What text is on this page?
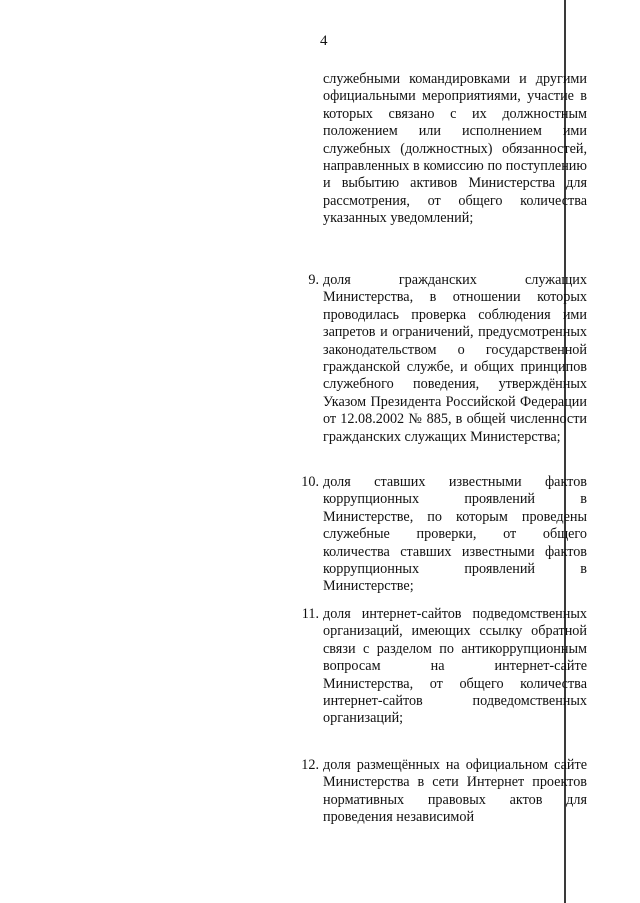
4
служебными командировками и другими официальными мероприятиями, участие в которых связано с их должностным положением или исполнением ими служебных (должностных) обязанностей, направленных в комиссию по поступлению и выбытию активов Министерства для рассмотрения, от общего количества указанных уведомлений;
9. доля гражданских служащих Министерства, в отношении которых проводилась проверка соблюдения ими запретов и ограничений, предусмотренных законодательством о государственной гражданской службе, и общих принципов служебного поведения, утверждённых Указом Президента Российской Федерации от 12.08.2002 № 885, в общей численности гражданских служащих Министерства;
10. доля ставших известными фактов коррупционных проявлений в Министерстве, по которым проведены служебные проверки, от общего количества ставших известными фактов коррупционных проявлений в Министерстве;
11. доля интернет-сайтов подведомственных организаций, имеющих ссылку обратной связи с разделом по антикоррупционным вопросам на интернет-сайте Министерства, от общего количества интернет-сайтов подведомственных организаций;
12. доля размещённых на официальном сайте Министерства в сети Интернет проектов нормативных правовых актов для проведения независимой
